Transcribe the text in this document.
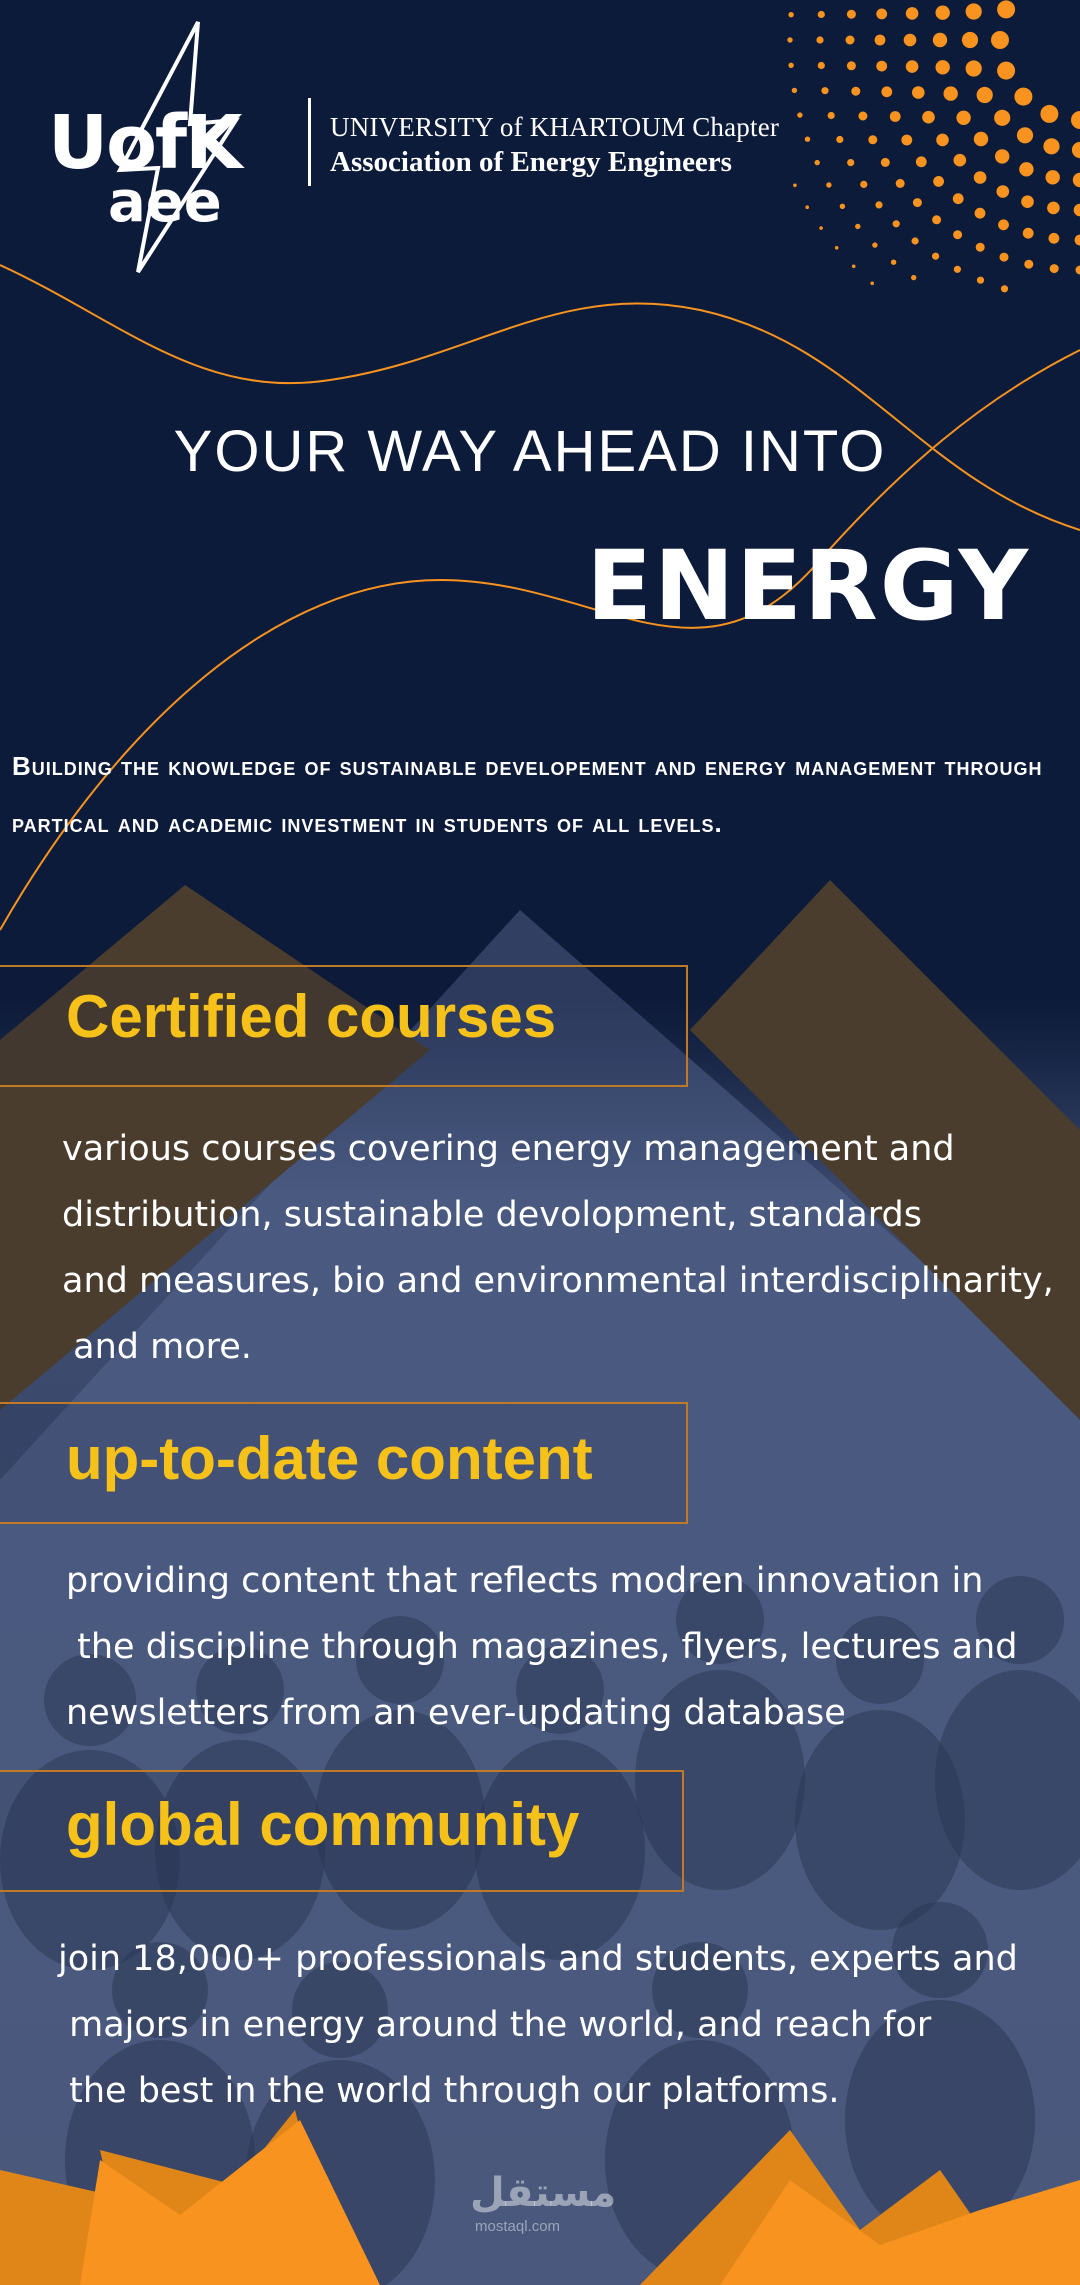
UofK
aee
UNIVERSITY of KHARTOUM Chapter
Association of Energy Engineers
YOUR WAY AHEAD INTO
ENERGY
Building the knowledge of sustainable developement and energy management through partical and academic investment in students of all levels.
Certified courses
various courses covering energy management and
distribution, sustainable devolopment, standards
and measures, bio and environmental interdisciplinarity,
and more.
up-to-date content
providing content that reflects modren innovation in
the discipline through magazines, flyers, lectures and
newsletters from an ever-updating database
global community
join 18,000+ proofessionals and students, experts and
majors in energy around the world, and reach for
the best in the world through our platforms.
مستقل
mostaql.com
